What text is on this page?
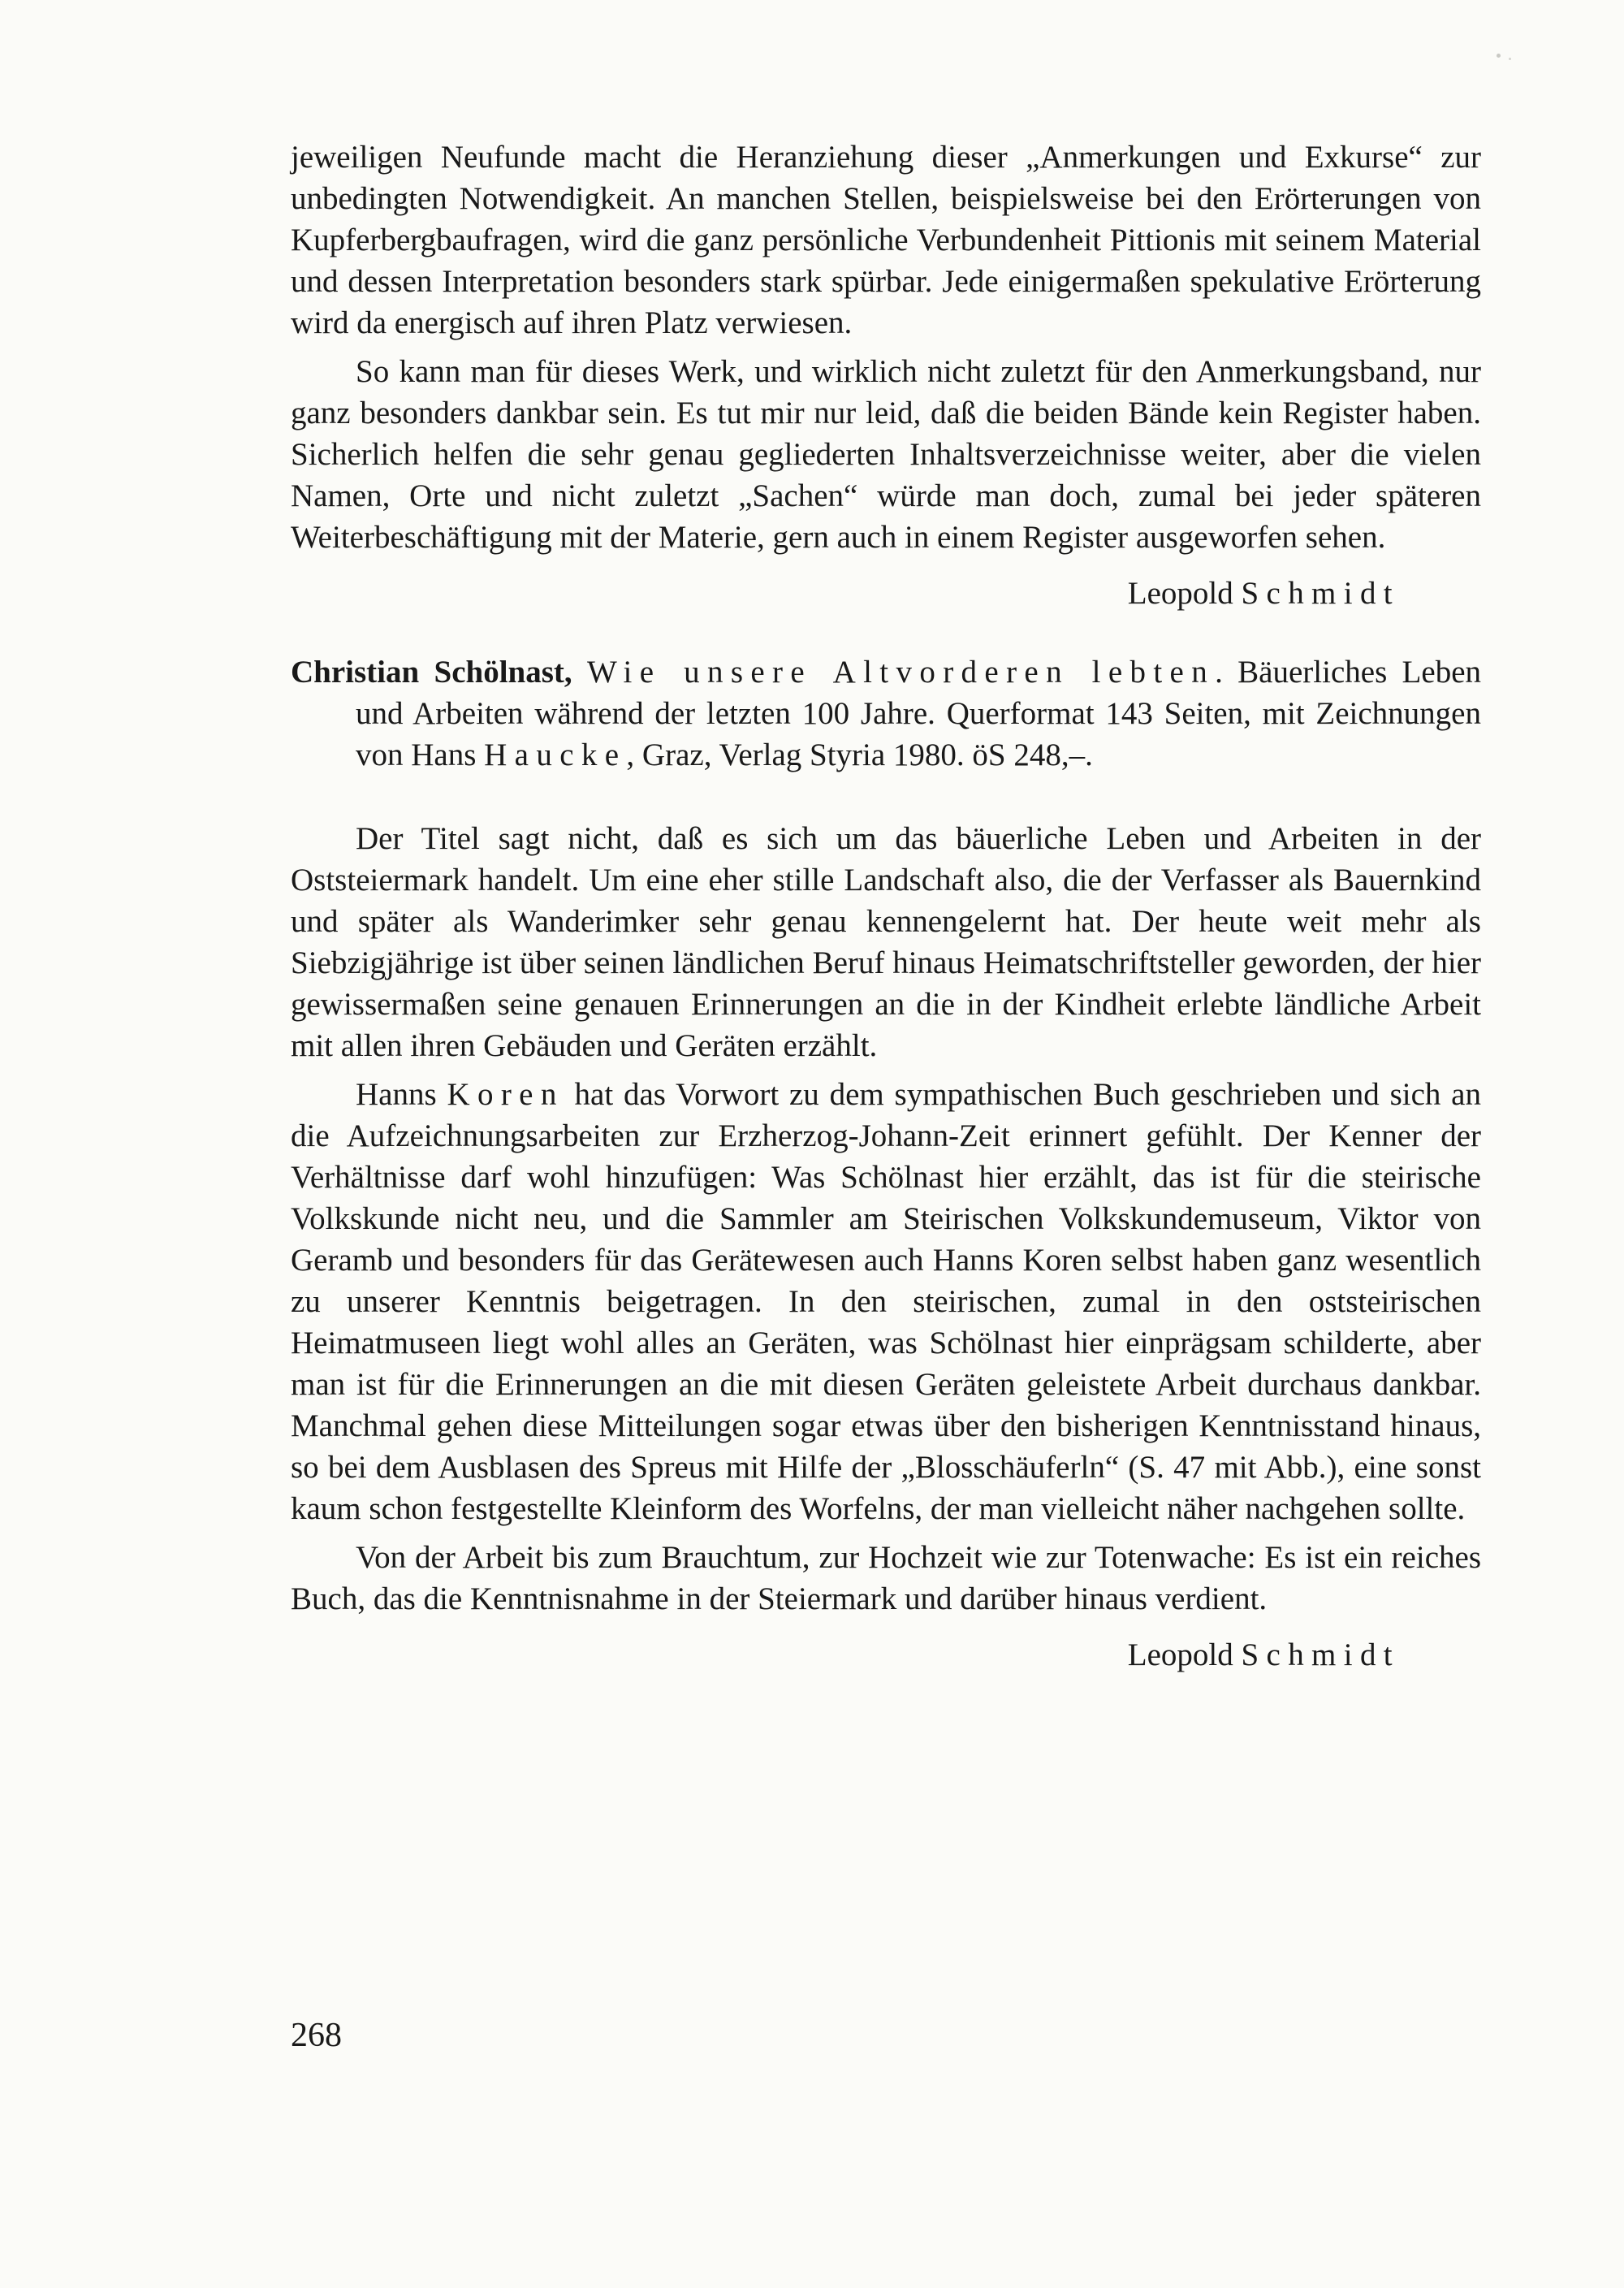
jeweiligen Neufunde macht die Heranziehung dieser „Anmerkungen und Exkurse“ zur unbedingten Notwendigkeit. An manchen Stellen, beispielsweise bei den Erörterungen von Kupferbergbaufragen, wird die ganz persönliche Verbundenheit Pittionis mit seinem Material und dessen Interpretation besonders stark spürbar. Jede einigermaßen spekulative Erörterung wird da energisch auf ihren Platz verwiesen.

So kann man für dieses Werk, und wirklich nicht zuletzt für den Anmerkungsband, nur ganz besonders dankbar sein. Es tut mir nur leid, daß die beiden Bände kein Register haben. Sicherlich helfen die sehr genau gegliederten Inhaltsverzeichnisse weiter, aber die vielen Namen, Orte und nicht zuletzt „Sachen“ würde man doch, zumal bei jeder späteren Weiterbeschäftigung mit der Materie, gern auch in einem Register ausgeworfen sehen.

Leopold Schmidt

Christian Schölnast, Wie unsere Altvorderen lebten. Bäuerliches Leben und Arbeiten während der letzten 100 Jahre. Querformat 143 Seiten, mit Zeichnungen von Hans Haucke, Graz, Verlag Styria 1980. öS 248,–.

Der Titel sagt nicht, daß es sich um das bäuerliche Leben und Arbeiten in der Oststeiermark handelt. Um eine eher stille Landschaft also, die der Verfasser als Bauernkind und später als Wanderimker sehr genau kennengelernt hat. Der heute weit mehr als Siebzigjährige ist über seinen ländlichen Beruf hinaus Heimatschriftsteller geworden, der hier gewissermaßen seine genauen Erinnerungen an die in der Kindheit erlebte ländliche Arbeit mit allen ihren Gebäuden und Geräten erzählt.

Hanns Koren hat das Vorwort zu dem sympathischen Buch geschrieben und sich an die Aufzeichnungsarbeiten zur Erzherzog-Johann-Zeit erinnert gefühlt. Der Kenner der Verhältnisse darf wohl hinzufügen: Was Schölnast hier erzählt, das ist für die steirische Volkskunde nicht neu, und die Sammler am Steirischen Volkskundemuseum, Viktor von Geramb und besonders für das Gerätewesen auch Hanns Koren selbst haben ganz wesentlich zu unserer Kenntnis beigetragen. In den steirischen, zumal in den oststeirischen Heimatmuseen liegt wohl alles an Geräten, was Schölnast hier einprägsam schilderte, aber man ist für die Erinnerungen an die mit diesen Geräten geleistete Arbeit durchaus dankbar. Manchmal gehen diese Mitteilungen sogar etwas über den bisherigen Kenntnisstand hinaus, so bei dem Ausblasen des Spreus mit Hilfe der „Blosschäuferln“ (S. 47 mit Abb.), eine sonst kaum schon festgestellte Kleinform des Worfelns, der man vielleicht näher nachgehen sollte.

Von der Arbeit bis zum Brauchtum, zur Hochzeit wie zur Totenwache: Es ist ein reiches Buch, das die Kenntnisnahme in der Steiermark und darüber hinaus verdient.

Leopold Schmidt
268
